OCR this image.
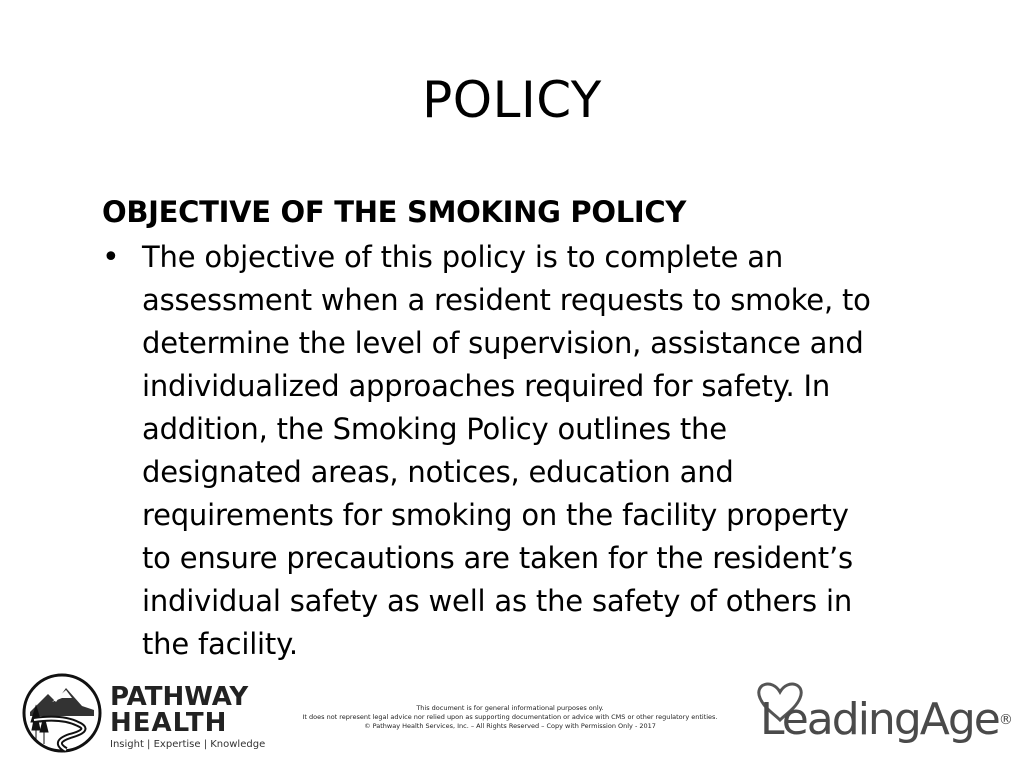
POLICY

OBJECTIVE OF THE SMOKING POLICY

• The objective of this policy is to complete an
assessment when a resident requests to smoke, to
determine the level of supervision, assistance and
individualized approaches required for safety. In
addition, the Smoking Policy outlines the
designated areas, notices, education and
requirements for smoking on the facility property
to ensure precautions are taken for the resident’s
individual safety as well as the safety of others in
the facility.
PATHWAY
HEALTH
Insight | Expertise | Knowledge
This document is for general informational purposes only.
It does not represent legal advice nor relied upon as supporting documentation or advice with CMS or other regulatory entities.
© Pathway Health Services, Inc. – All Rights Reserved – Copy with Permission Only - 2017	LeadingAge®
